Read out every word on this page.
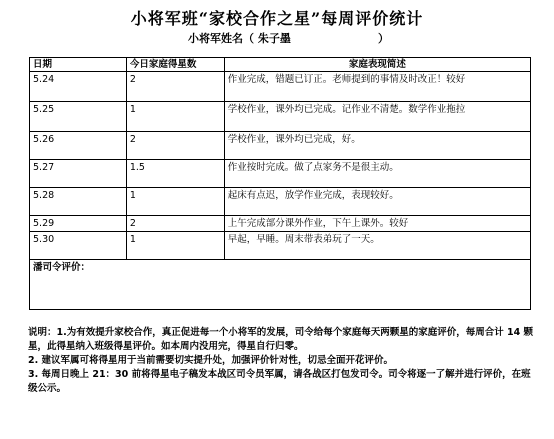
小将军班“家校合作之星”每周评价统计
小将军姓名（ 朱子墨	）
日期	今日家庭得星数	家庭表现简述
5.24	2	作业完成，错题已订正。老师提到的事情及时改正！较好
5.25	1	学校作业，课外均已完成。记作业不清楚。数学作业拖拉
5.26	2	学校作业，课外均已完成，好。
5.27	1.5	作业按时完成。做了点家务不是很主动。
5.28	1	起床有点迟，放学作业完成，表现较好。
5.29	2	上午完成部分课外作业，下午上课外。较好
5.30	1	早起，早睡。周末带表弟玩了一天。
潘司令评价：		

说明：1.为有效提升家校合作，真正促进每一个小将军的发展，司令给每个家庭每天两颗星的家庭评价，每周合计 14 颗星，此得星纳入班级得星评价。如本周内没用完，得星自行归零。

2. 建议军属可将得星用于当前需要切实提升处，加强评价针对性，切忌全面开花评价。

3. 每周日晚上 21：30 前将得星电子稿发本战区司令员军属，请各战区打包发司令。司令将逐一了解并进行评价，在班级公示。
